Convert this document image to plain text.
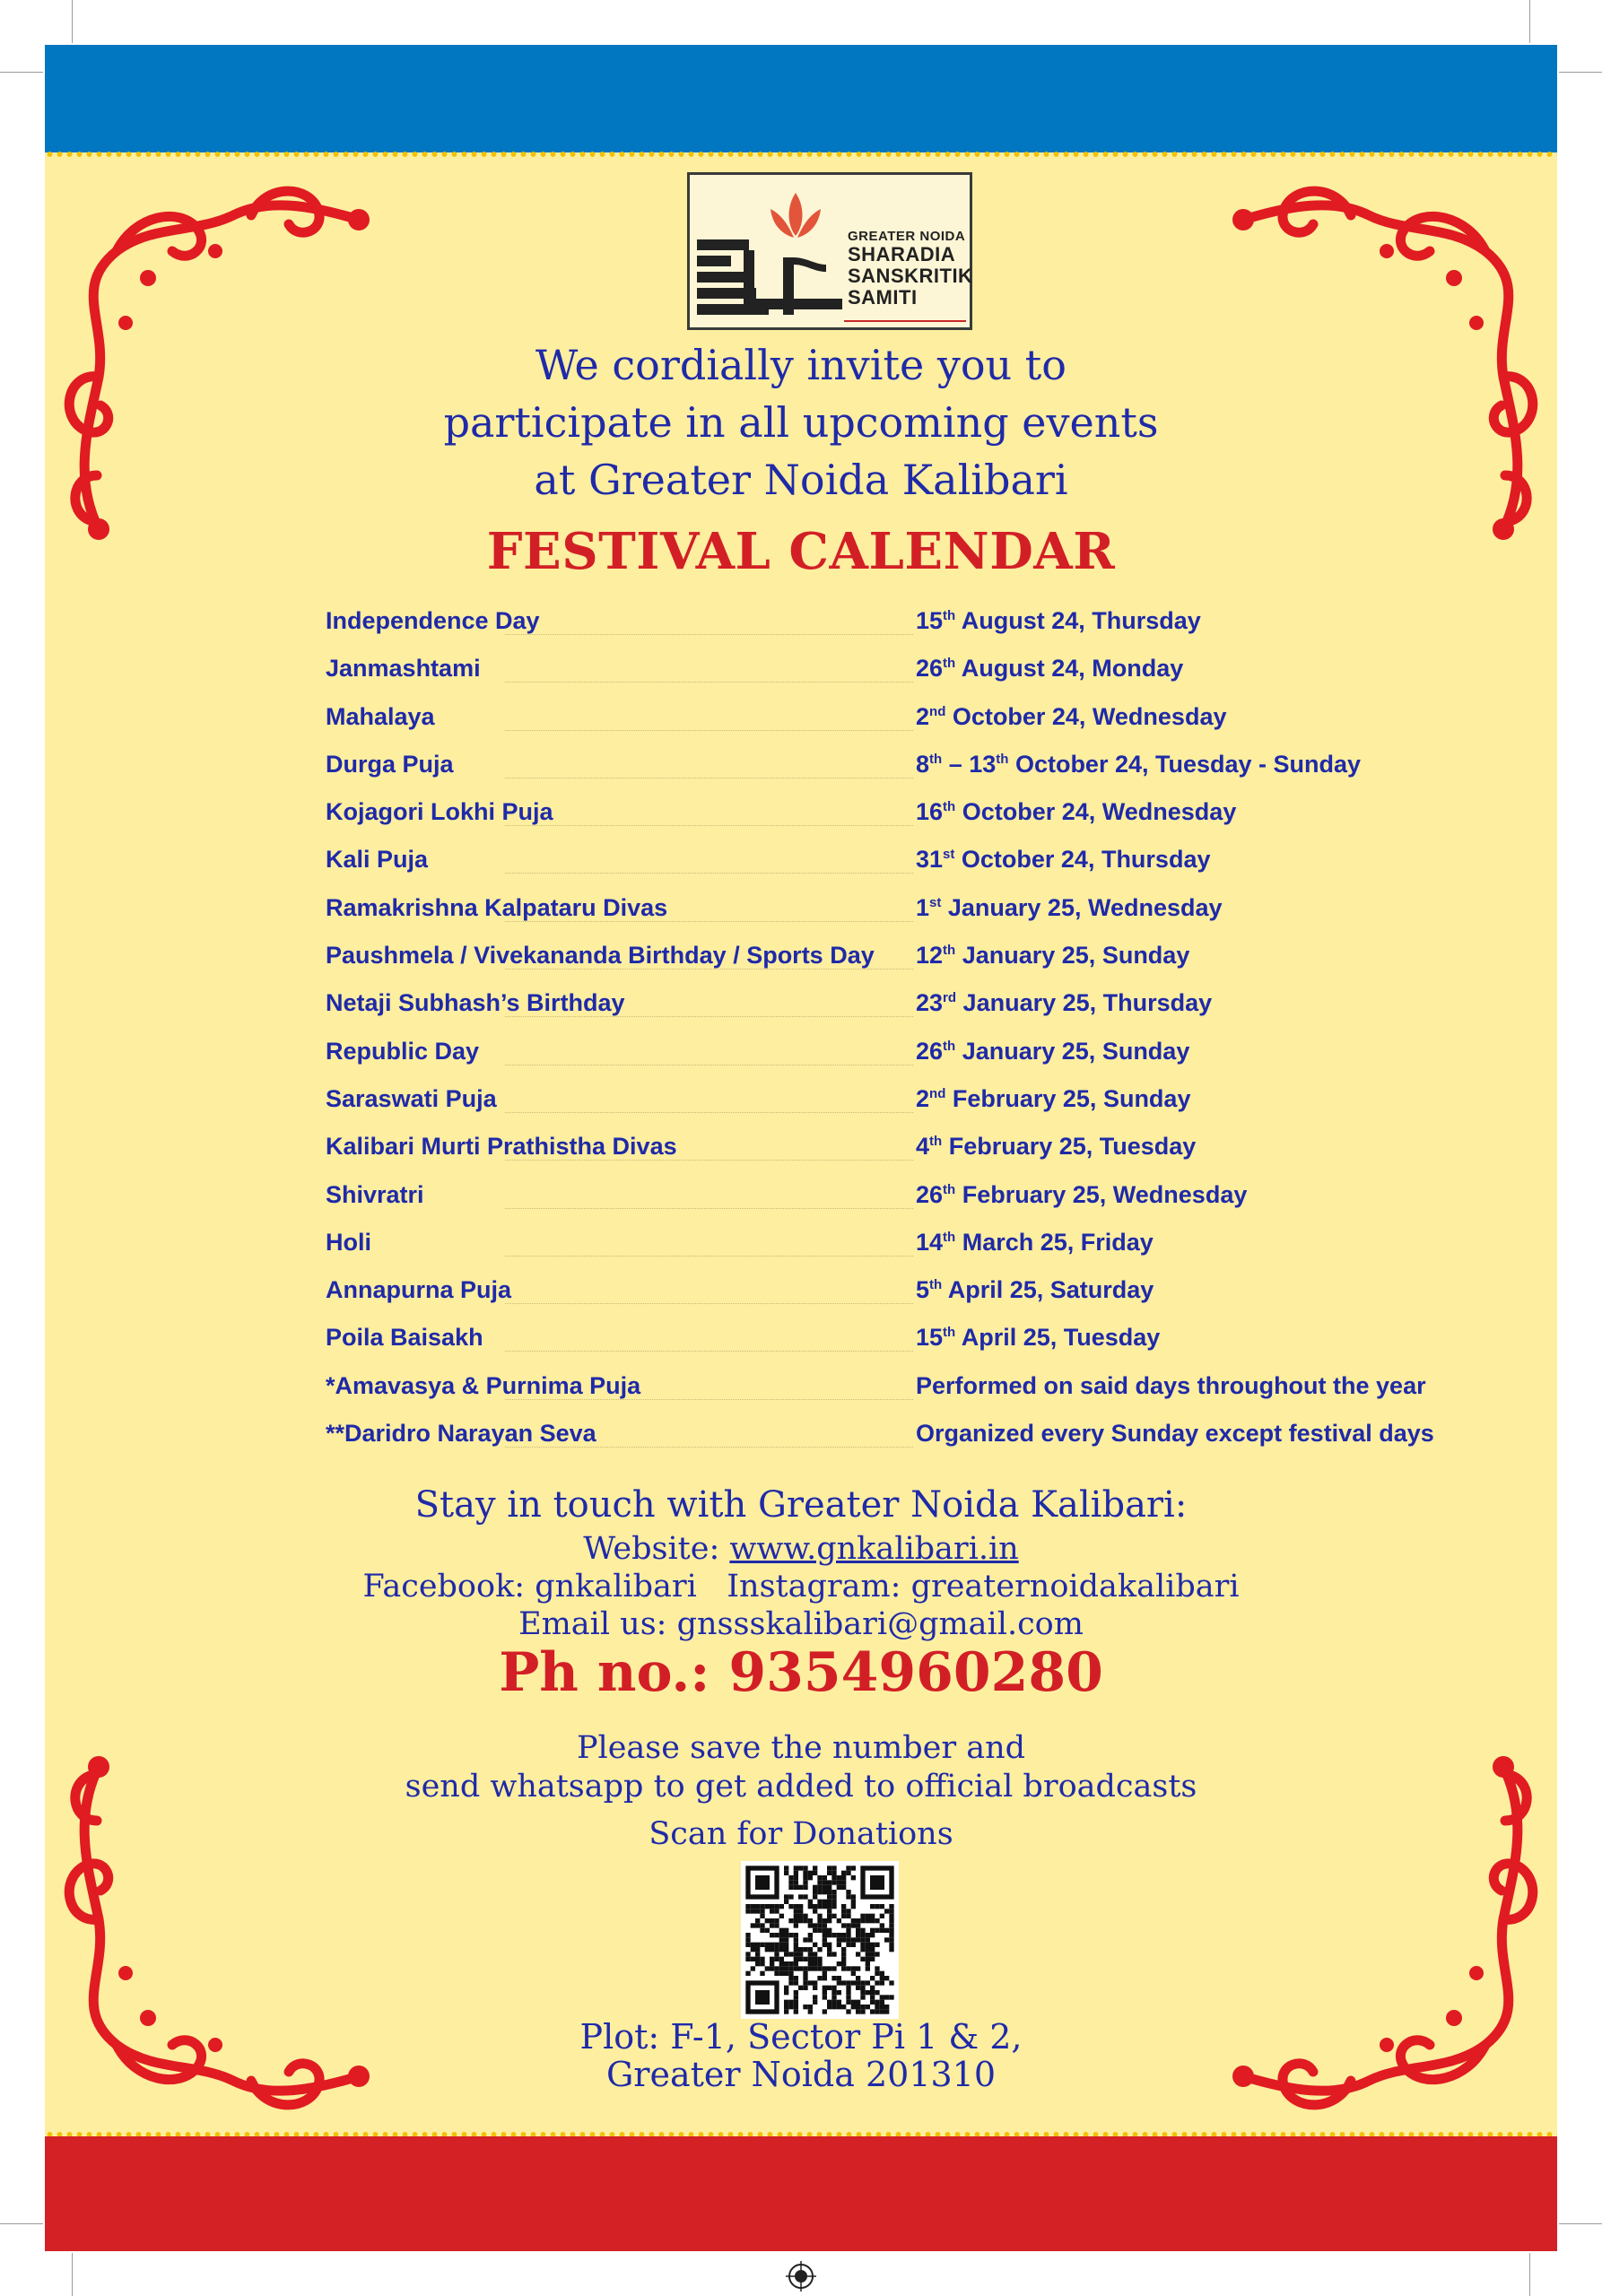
GREATER NOIDA
SHARADIA
SANSKRITIK
SAMITI
We cordially invite you to
participate in all upcoming events
at Greater Noida Kalibari
FESTIVAL CALENDAR
Independence Day	15th August 24, Thursday
Janmashtami	26th August 24, Monday
Mahalaya	2nd October 24, Wednesday
Durga Puja	8th – 13th October 24, Tuesday - Sunday
Kojagori Lokhi Puja	16th October 24, Wednesday
Kali Puja	31st October 24, Thursday
Ramakrishna Kalpataru Divas	1st January 25, Wednesday
Paushmela / Vivekananda Birthday / Sports Day 12th January 25, Sunday
Netaji Subhash’s Birthday	23rd January 25, Thursday
Republic Day	26th January 25, Sunday
Saraswati Puja	2nd February 25, Sunday
Kalibari Murti Prathistha Divas	4th February 25, Tuesday
Shivratri	26th February 25, Wednesday
Holi	14th March 25, Friday
Annapurna Puja	5th April 25, Saturday
Poila Baisakh	15th April 25, Tuesday
*Amavasya & Purnima Puja	Performed on said days throughout the year
**Daridro Narayan Seva	Organized every Sunday except festival days
Stay in touch with Greater Noida Kalibari:
Website: www.gnkalibari.in
Facebook: gnkalibari Instagram: greaternoidakalibari
Email us: gnssskalibari@gmail.com
Ph no.: 9354960280
Please save the number and
send whatsapp to get added to official broadcasts
Scan for Donations
Plot: F-1, Sector Pi 1 & 2,
Greater Noida 201310
